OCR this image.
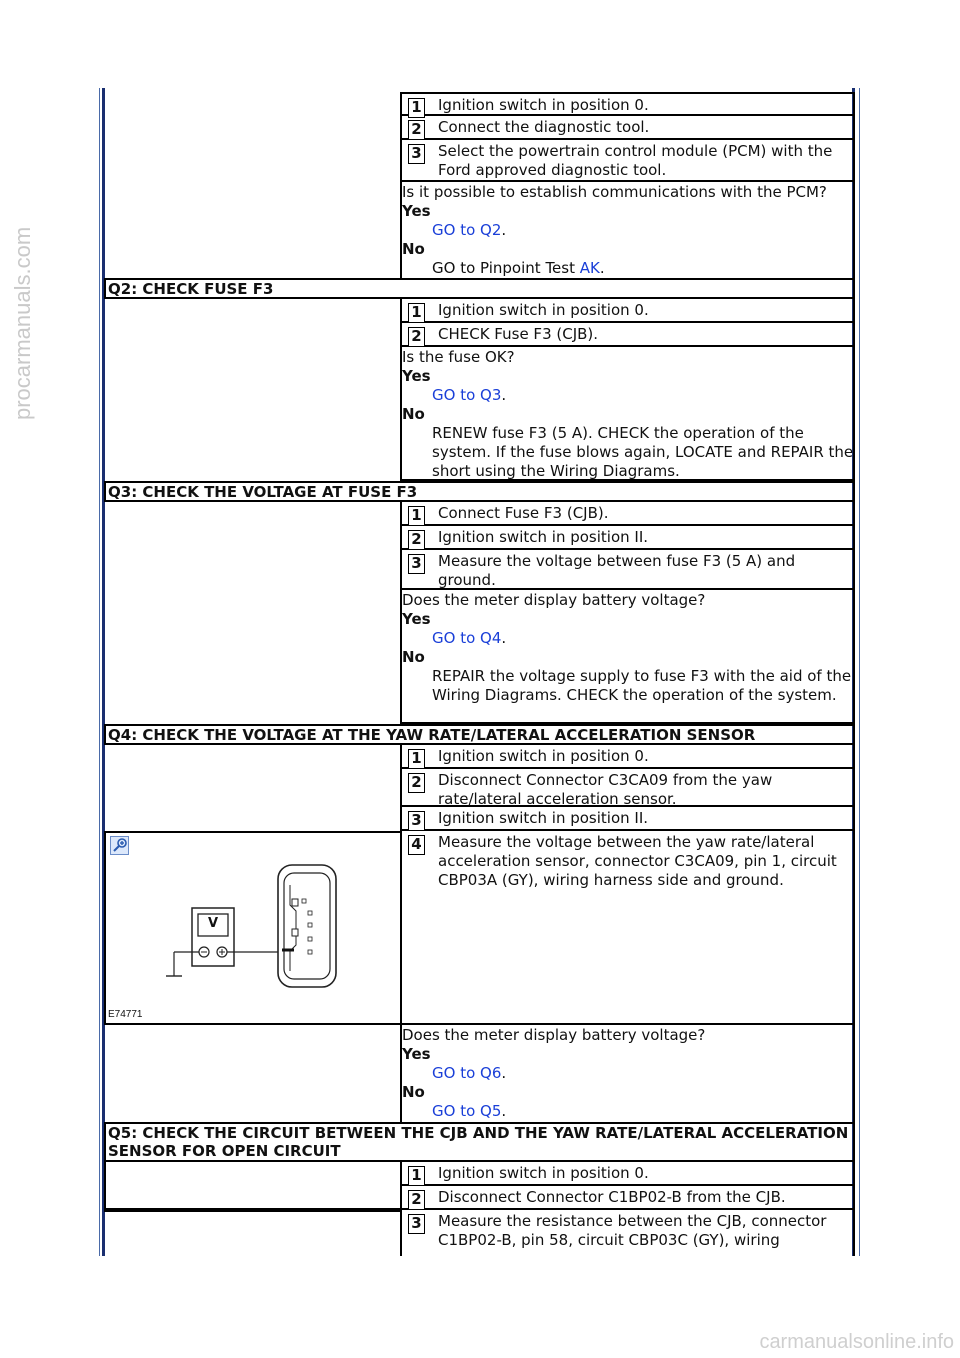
procarmanuals.com
carmanualsonline.info
1 Ignition switch in position 0.
2 Connect the diagnostic tool.
3 Select the powertrain control module (PCM) with the Ford approved diagnostic tool.
Is it possible to establish communications with the PCM?
Yes
GO to Q2.
No
GO to Pinpoint Test AK.
Q2: CHECK FUSE F3
1 Ignition switch in position 0.
2 CHECK Fuse F3 (CJB).
Is the fuse OK?
Yes
GO to Q3.
No
RENEW fuse F3 (5 A). CHECK the operation of the system. If the fuse blows again, LOCATE and REPAIR the short using the Wiring Diagrams.
Q3: CHECK THE VOLTAGE AT FUSE F3
1 Connect Fuse F3 (CJB).
2 Ignition switch in position II.
3 Measure the voltage between fuse F3 (5 A) and ground.
Does the meter display battery voltage?
Yes
GO to Q4.
No
REPAIR the voltage supply to fuse F3 with the aid of the Wiring Diagrams. CHECK the operation of the system.
Q4: CHECK THE VOLTAGE AT THE YAW RATE/LATERAL ACCELERATION SENSOR
1 Ignition switch in position 0.
2 Disconnect Connector C3CA09 from the yaw rate/lateral acceleration sensor.
3 Ignition switch in position II.
4 Measure the voltage between the yaw rate/lateral acceleration sensor, connector C3CA09, pin 1, circuit CBP03A (GY), wiring harness side and ground.
V
E74771
Does the meter display battery voltage?
Yes
GO to Q6.
No
GO to Q5.
Q5: CHECK THE CIRCUIT BETWEEN THE CJB AND THE YAW RATE/LATERAL ACCELERATION SENSOR FOR OPEN CIRCUIT
1 Ignition switch in position 0.
2 Disconnect Connector C1BP02-B from the CJB.
3 Measure the resistance between the CJB, connector C1BP02-B, pin 58, circuit CBP03C (GY), wiring
